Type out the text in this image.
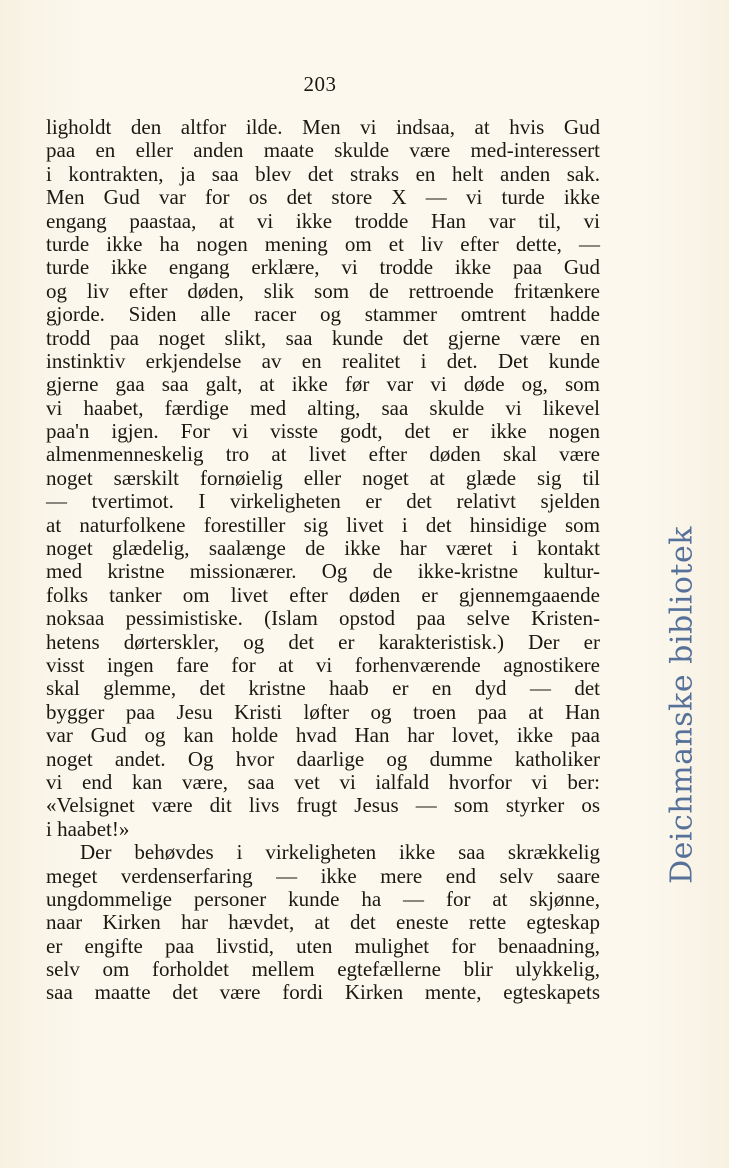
203
ligholdt den altfor ilde. Men vi indsaa, at hvis Gud
paa en eller anden maate skulde være med-interessert
i kontrakten, ja saa blev det straks en helt anden sak.
Men Gud var for os det store X — vi turde ikke
engang paastaa, at vi ikke trodde Han var til, vi
turde ikke ha nogen mening om et liv efter dette, —
turde ikke engang erklære, vi trodde ikke paa Gud
og liv efter døden, slik som de rettroende fritænkere
gjorde. Siden alle racer og stammer omtrent hadde
trodd paa noget slikt, saa kunde det gjerne være en
instinktiv erkjendelse av en realitet i det. Det kunde
gjerne gaa saa galt, at ikke før var vi døde og, som
vi haabet, færdige med alting, saa skulde vi likevel
paa'n igjen. For vi visste godt, det er ikke nogen
almenmenneskelig tro at livet efter døden skal være
noget særskilt fornøielig eller noget at glæde sig til
— tvertimot. I virkeligheten er det relativt sjelden
at naturfolkene forestiller sig livet i det hinsidige som
noget glædelig, saalænge de ikke har været i kontakt
med kristne missionærer. Og de ikke-kristne kultur-
folks tanker om livet efter døden er gjennemgaaende
noksaa pessimistiske. (Islam opstod paa selve Kristen-
hetens dørterskler, og det er karakteristisk.) Der er
visst ingen fare for at vi forhenværende agnostikere
skal glemme, det kristne haab er en dyd — det
bygger paa Jesu Kristi løfter og troen paa at Han
var Gud og kan holde hvad Han har lovet, ikke paa
noget andet. Og hvor daarlige og dumme katholiker
vi end kan være, saa vet vi ialfald hvorfor vi ber:
«Velsignet være dit livs frugt Jesus — som styrker os
i haabet!»
Der behøvdes i virkeligheten ikke saa skrækkelig
meget verdenserfaring — ikke mere end selv saare
ungdommelige personer kunde ha — for at skjønne,
naar Kirken har hævdet, at det eneste rette egteskap
er engifte paa livstid, uten mulighet for benaadning,
selv om forholdet mellem egtefællerne blir ulykkelig,
saa maatte det være fordi Kirken mente, egteskapets
Deichmanske bibliotek
